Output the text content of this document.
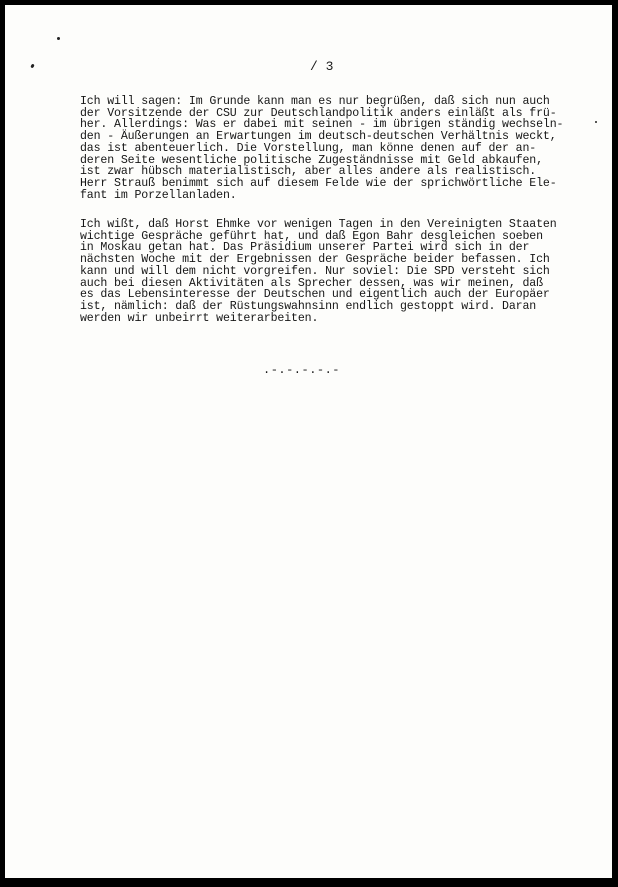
/ 3

Ich will sagen: Im Grunde kann man es nur begrüßen, daß sich nun auch
der Vorsitzende der CSU zur Deutschlandpolitik anders einläßt als frü-
her. Allerdings: Was er dabei mit seinen - im übrigen ständig wechseln-
den - Äußerungen an Erwartungen im deutsch-deutschen Verhältnis weckt,
das ist abenteuerlich. Die Vorstellung, man könne denen auf der an-
deren Seite wesentliche politische Zugeständnisse mit Geld abkaufen,
ist zwar hübsch materialistisch, aber alles andere als realistisch.
Herr Strauß benimmt sich auf diesem Felde wie der sprichwörtliche Ele-
fant im Porzellanladen.

Ich wißt, daß Horst Ehmke vor wenigen Tagen in den Vereinigten Staaten
wichtige Gespräche geführt hat, und daß Egon Bahr desgleichen soeben
in Moskau getan hat. Das Präsidium unserer Partei wird sich in der
nächsten Woche mit der Ergebnissen der Gespräche beider befassen. Ich
kann und will dem nicht vorgreifen. Nur soviel: Die SPD versteht sich
auch bei diesen Aktivitäten als Sprecher dessen, was wir meinen, daß
es das Lebensinteresse der Deutschen und eigentlich auch der Europäer
ist, nämlich: daß der Rüstungswahnsinn endlich gestoppt wird. Daran
werden wir unbeirrt weiterarbeiten.

.-.-.-.-.-
